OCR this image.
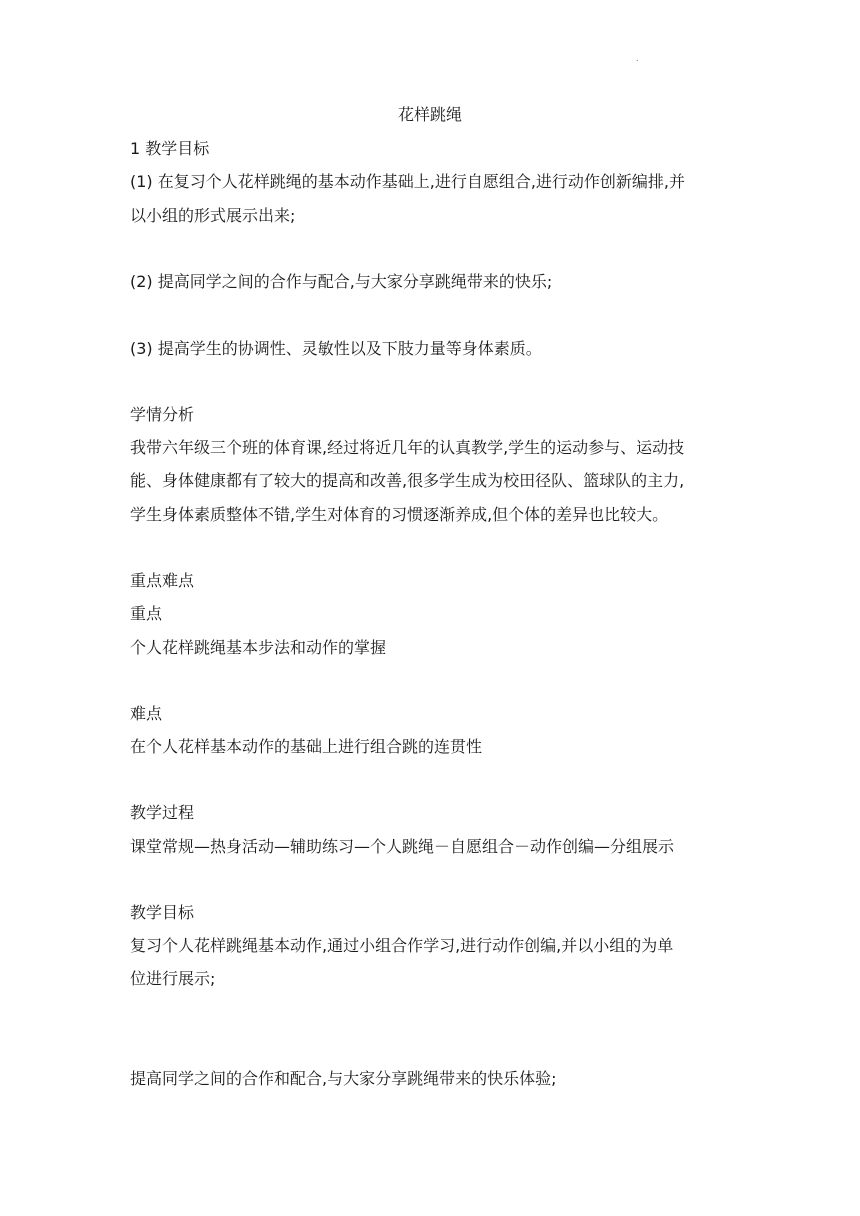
.
花样跳绳
1 教学目标
(1) 在复习个人花样跳绳的基本动作基础上,进行自愿组合,进行动作创新编排,并
以小组的形式展示出来;
(2) 提高同学之间的合作与配合,与大家分享跳绳带来的快乐;
(3) 提高学生的协调性、灵敏性以及下肢力量等身体素质。
学情分析
我带六年级三个班的体育课,经过将近几年的认真教学,学生的运动参与、运动技
能、身体健康都有了较大的提高和改善,很多学生成为校田径队、篮球队的主力,
学生身体素质整体不错,学生对体育的习惯逐渐养成,但个体的差异也比较大。
重点难点
重点
个人花样跳绳基本步法和动作的掌握
难点
在个人花样基本动作的基础上进行组合跳的连贯性
教学过程
课堂常规—热身活动—辅助练习—个人跳绳－自愿组合－动作创编—分组展示
教学目标
复习个人花样跳绳基本动作,通过小组合作学习,进行动作创编,并以小组的为单
位进行展示;
提高同学之间的合作和配合,与大家分享跳绳带来的快乐体验;
